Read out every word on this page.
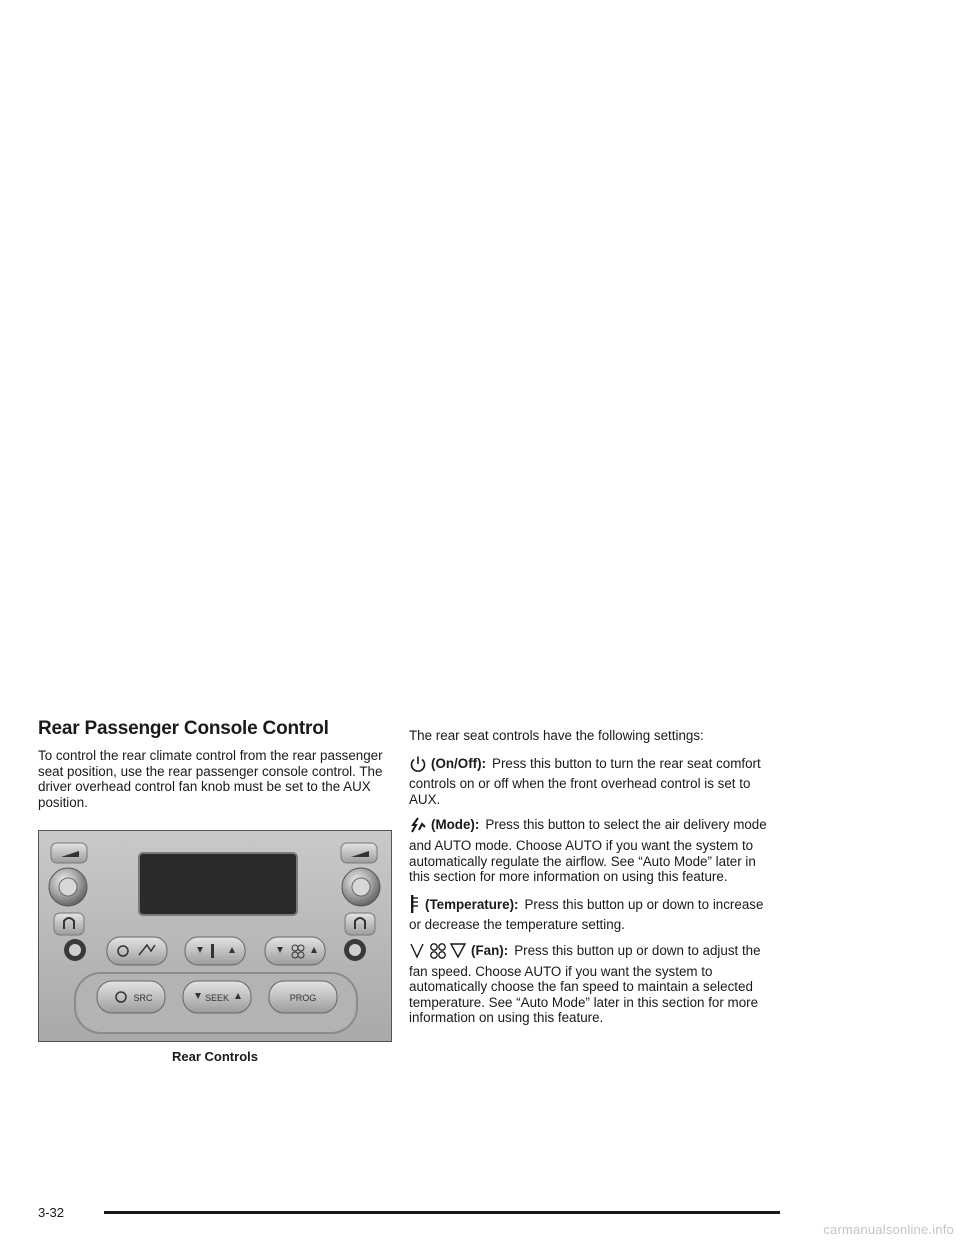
Rear Passenger Console Control

To control the rear climate control from the rear passenger seat position, use the rear passenger console control. The driver overhead control fan knob must be set to the AUX position.

SRC	SEEK	PROG
Rear Controls

The rear seat controls have the following settings:

(On/Off): Press this button to turn the rear seat comfort controls on or off when the front overhead control is set to AUX.

(Mode): Press this button to select the air delivery mode and AUTO mode. Choose AUTO if you want the system to automatically regulate the airflow. See “Auto Mode” later in this section for more information on using this feature.

(Temperature): Press this button up or down to increase or decrease the temperature setting.

(Fan): Press this button up or down to adjust the fan speed. Choose AUTO if you want the system to automatically choose the fan speed to maintain a selected temperature. See “Auto Mode” later in this section for more information on using this feature.

3-32
carmanualsonline.info
